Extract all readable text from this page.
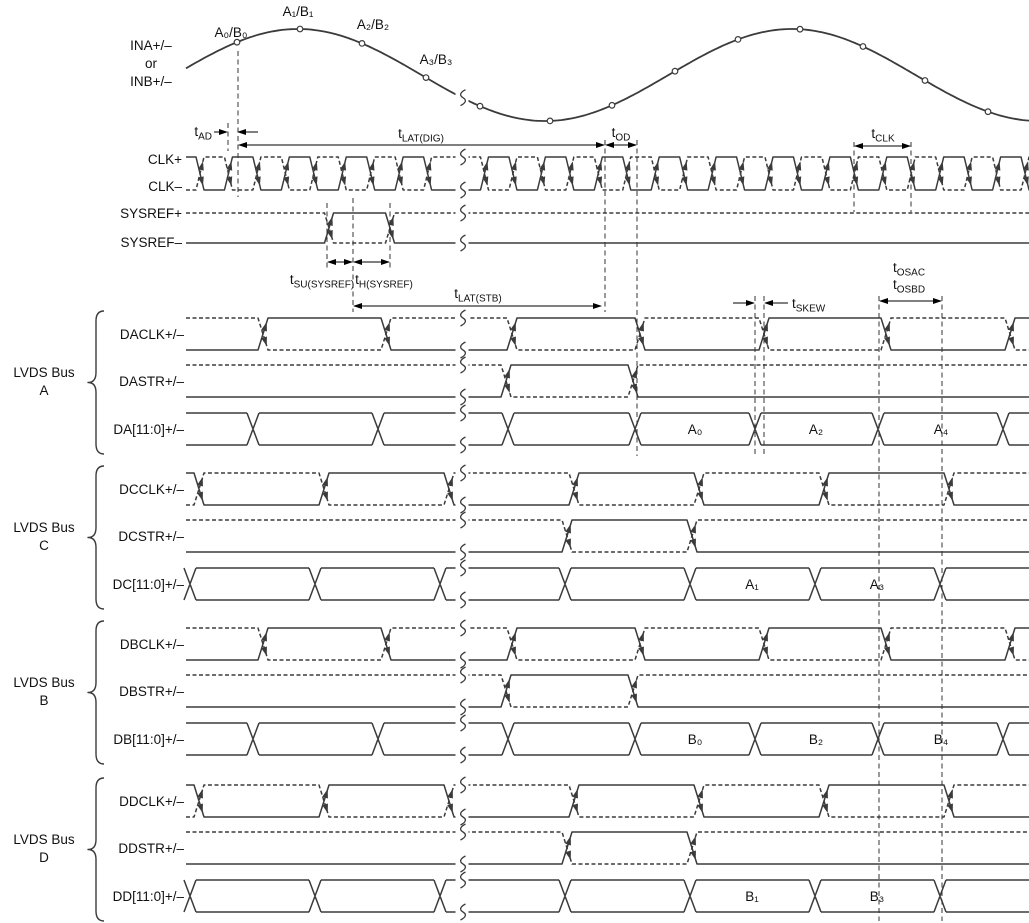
A₀/B₀
A₁/B₁
A₂/B₂
A₃/B₃
INA+/–
or
INB+/–
CLK+
CLK–
SYSREF+
SYSREF–
A₀	A₂	A₄
DACLK+/–
DASTR+/–
DA[11:0]+/–
LVDS Bus
A
A₁	A₃
DCCLK+/–
DCSTR+/–
DC[11:0]+/–
LVDS Bus
C
B₀	B₂	B₄
DBCLK+/–
DBSTR+/–
DB[11:0]+/–
LVDS Bus
B
B₁	B₃
DDCLK+/–
DDSTR+/–
DD[11:0]+/–
LVDS Bus
D
$t_{LAT(DIG)}$	$t_{OD}$	$t_{CLK}$
$t_{SU(SYSREF)}$ $t_{H(SYSREF)}$
$t_{LAT(STB)}$
$t_{OSAC}$
$t_{OSBD}$
$t_{AD}$
$t_{SKEW}$
